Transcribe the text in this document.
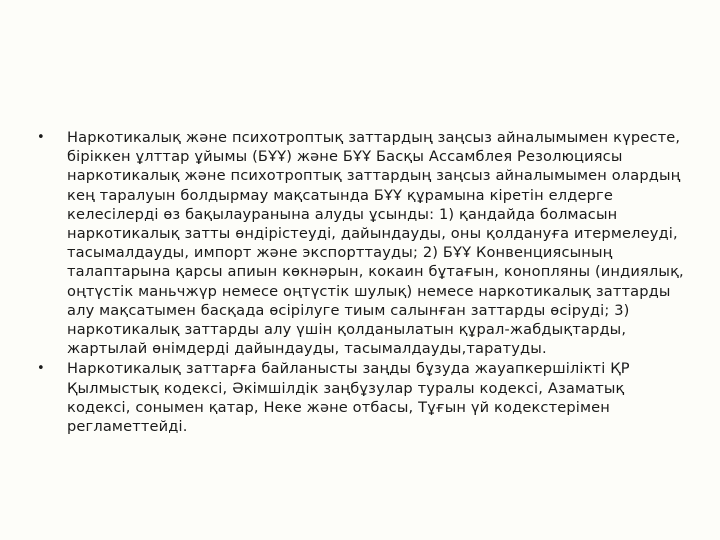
• Наркотикалық және психотроптық заттардың заңсыз айналымымен күресте, біріккен ұлттар ұйымы (БҰҰ) және БҰҰ Басқы Ассамблея Резолюциясы наркотикалық және психотроптық заттардың заңсыз айналымымен олардың кең таралуын болдырмау мақсатында БҰҰ құрамына кіретін елдерге келесілерді өз бақылауранына алуды ұсынды: 1) қандайда болмасын наркотикалық затты өндірістеуді, дайындауды, оны қолдануға итермелеуді, тасымалдауды, импорт және экспорттауды; 2) БҰҰ Конвенциясының талаптарына қарсы апиын көкнәрын, кокаин бұтағын, конопляны (индиялық, оңтүстік маньчжүр немесе оңтүстік шулық) немесе наркотикалық заттарды алу мақсатымен басқада өсірілуге тиым салынған заттарды өсіруді; 3) наркотикалық заттарды алу үшін қолданылатын құрал-жабдықтарды, жартылай өнімдерді дайындауды, тасымалдауды,таратуды.
• Наркотикалық заттарға байланысты заңды бұзуда жауапкершілікті ҚР Қылмыстық кодексі, Әкімшілдік заңбұзулар туралы кодексі, Азаматық кодексі, сонымен қатар, Неке және отбасы, Тұғын үй кодекстерімен регламеттейді.
